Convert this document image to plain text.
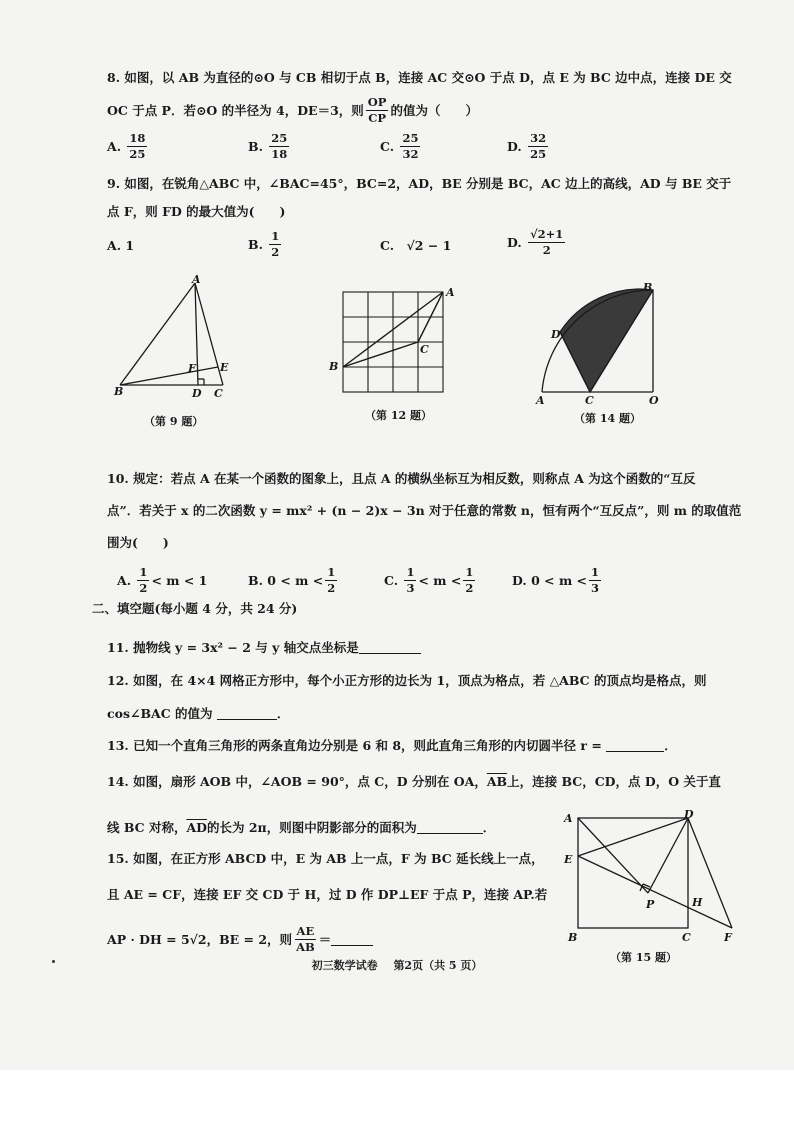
8. 如图，以 AB 为直径的⊙O 与 CB 相切于点 B，连接 AC 交⊙O 于点 D，点 E 为 BC 边中点，连接 DE 交
OC 于点 P．若⊙O 的半径为 4，DE＝3，则 $\frac{OP}{CP}$ 的值为（　　）
A.
$\frac{18}{25}$	B.
$\frac{25}{18}$	C.
$\frac{25}{32}$	D.
$\frac{32}{25}$
9. 如图，在锐角△ABC 中，∠BAC=45°，BC=2，AD，BE 分别是 BC，AC 边上的高线，AD 与 BE 交于
点 F，则 FD 的最大值为(　　)
A. 1	B.
$\frac{1}{2}$	C.　√2 − 1	D.
$\frac{√2+1}{2}$
A
B
F E
D C
（第 9 题）
A
B
C
（第 12 题）
B
D
A	C	O
（第 14 题）
10. 规定：若点 A 在某一个函数的图象上，且点 A 的横纵坐标互为相反数，则称点 A 为这个函数的“互反
点”．若关于 x 的二次函数 y = mx² + (n − 2)x − 3n 对于任意的常数 n，恒有两个“互反点”，则 m 的取值范
围为(　　)
A.
$\frac{1}{2} < m < 1$	B.
$0 < m < \frac{1}{2}$	C.
$\frac{1}{3} < m < \frac{1}{2}$	D.
$0 < m < \frac{1}{3}$
二、填空题(每小题 4 分，共 24 分)
11. 抛物线 y = 3x² − 2 与 y 轴交点坐标是
12. 如图，在 4×4 网格正方形中，每个小正方形的边长为 1，顶点为格点，若 △ABC 的顶点均是格点，则
cos∠BAC 的值为
	．
13. 已知一个直角三角形的两条直角边分别是 6 和 8，则此直角三角形的内切圆半径 r =
	．
14. 如图，扇形 AOB 中，∠AOB = 90°，点 C，D 分别在 OA， $\overline{AB}$ 上，连接 BC，CD，点 D，O 关于直
线 BC 对称， $\overline{AD}$ 的长为 2π，则图中阴影部分的面积为	．
15. 如图，在正方形 ABCD 中，E 为 AB 上一点，F 为 BC 延长线上一点，
且 AE = CF，连接 EF 交 CD 于 H，过 D 作 DP⊥EF 于点 P，连接 AP.若
AP · DH = 5√2，BE = 2，则 $\frac{AE}{AB}$ ＝
A	D
E
P	H
B	C	F
（第 15 题）
初三数学试卷 第2页（共 5 页）
